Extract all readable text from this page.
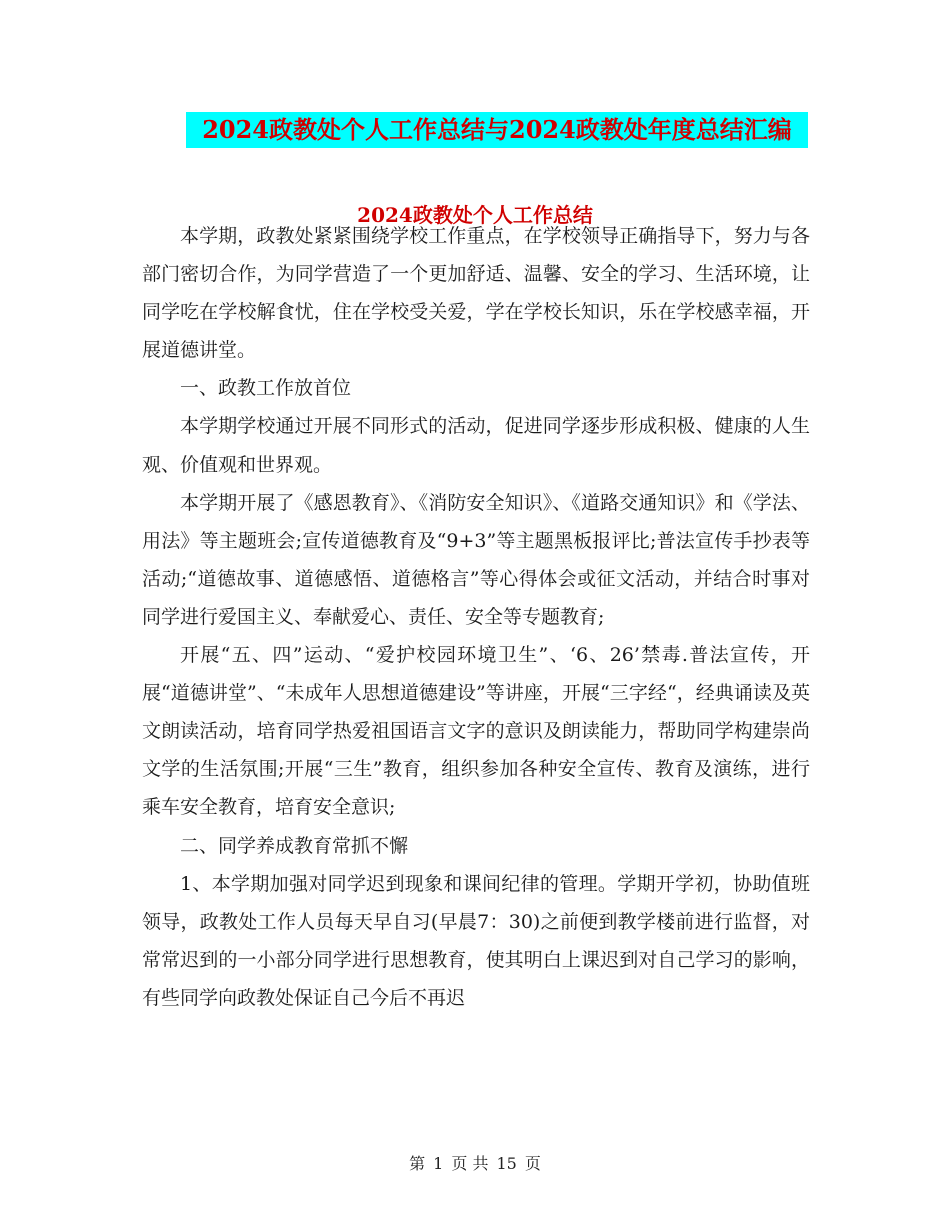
2024政教处个人工作总结与2024政教处年度总结汇编
2024政教处个人工作总结

本学期，政教处紧紧围绕学校工作重点，在学校领导正确指导下，努力与各部门密切合作，为同学营造了一个更加舒适、温馨、安全的学习、生活环境，让同学吃在学校解食忧，住在学校受关爱，学在学校长知识，乐在学校感幸福，开展道德讲堂。

一、政教工作放首位

本学期学校通过开展不同形式的活动，促进同学逐步形成积极、健康的人生观、价值观和世界观。

本学期开展了《感恩教育》、《消防安全知识》、《道路交通知识》和《学法、用法》等主题班会;宣传道德教育及“9+3”等主题黑板报评比;普法宣传手抄表等活动;“道德故事、道德感悟、道德格言”等心得体会或征文活动，并结合时事对同学进行爱国主义、奉献爱心、责任、安全等专题教育;

开展“五、四”运动、“爱护校园环境卫生”、‘6、26’禁毒.普法宣传，开展“道德讲堂”、“未成年人思想道德建设”等讲座，开展“三字经“，经典诵读及英文朗读活动，培育同学热爱祖国语言文字的意识及朗读能力，帮助同学构建崇尚文学的生活氛围;开展“三生”教育，组织参加各种安全宣传、教育及演练，进行乘车安全教育，培育安全意识;

二、同学养成教育常抓不懈

1、本学期加强对同学迟到现象和课间纪律的管理。学期开学初，协助值班领导，政教处工作人员每天早自习(早晨7：30)之前便到教学楼前进行监督，对常常迟到的一小部分同学进行思想教育，使其明白上课迟到对自己学习的影响，有些同学向政教处保证自己今后不再迟

第 1 页 共 15 页
